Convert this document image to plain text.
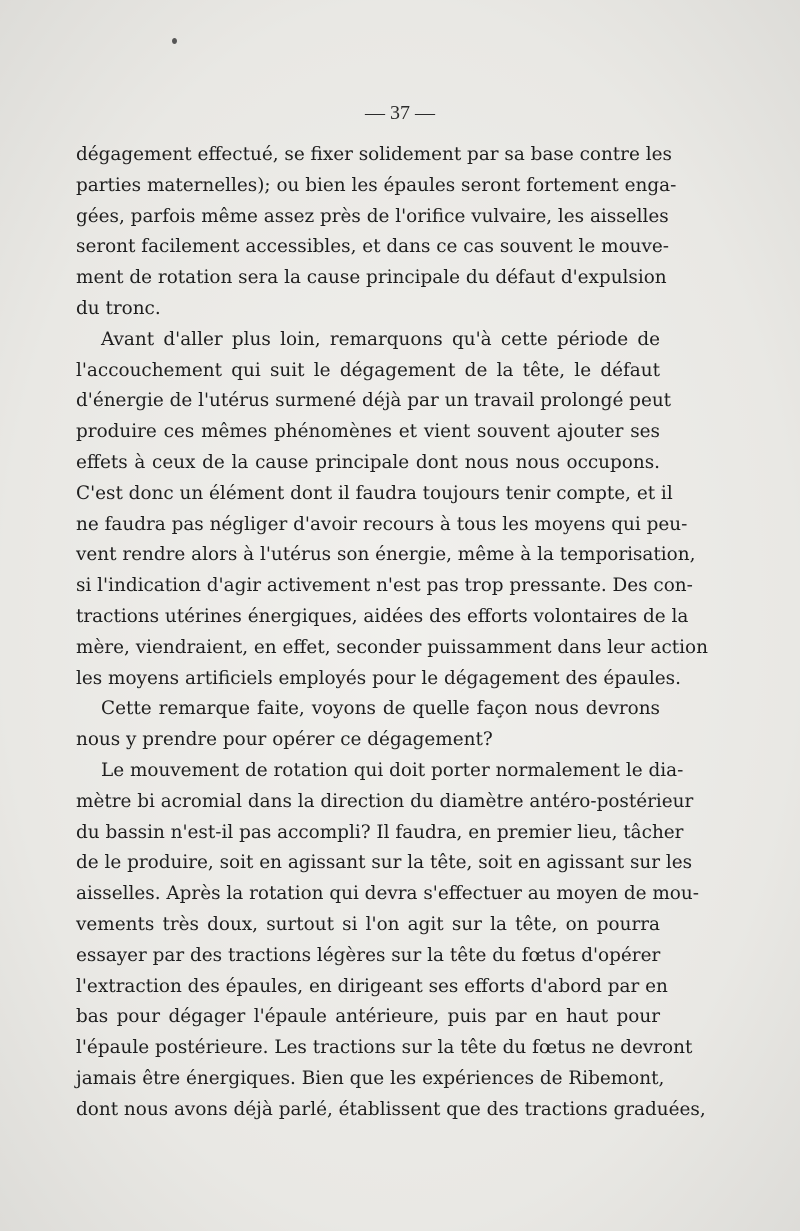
— 37 —
dégagement effectué, se fixer solidement par sa base contre les
parties maternelles); ou bien les épaules seront fortement enga-
gées, parfois même assez près de l'orifice vulvaire, les aisselles
seront facilement accessibles, et dans ce cas souvent le mouve-
ment de rotation sera la cause principale du défaut d'expulsion
du tronc.
Avant d'aller plus loin, remarquons qu'à cette période de
l'accouchement qui suit le dégagement de la tête, le défaut
d'énergie de l'utérus surmené déjà par un travail prolongé peut
produire ces mêmes phénomènes et vient souvent ajouter ses
effets à ceux de la cause principale dont nous nous occupons.
C'est donc un élément dont il faudra toujours tenir compte, et il
ne faudra pas négliger d'avoir recours à tous les moyens qui peu-
vent rendre alors à l'utérus son énergie, même à la temporisation,
si l'indication d'agir activement n'est pas trop pressante. Des con-
tractions utérines énergiques, aidées des efforts volontaires de la
mère, viendraient, en effet, seconder puissamment dans leur action
les moyens artificiels employés pour le dégagement des épaules.
Cette remarque faite, voyons de quelle façon nous devrons
nous y prendre pour opérer ce dégagement?
Le mouvement de rotation qui doit porter normalement le dia-
mètre bi acromial dans la direction du diamètre antéro-postérieur
du bassin n'est-il pas accompli? Il faudra, en premier lieu, tâcher
de le produire, soit en agissant sur la tête, soit en agissant sur les
aisselles. Après la rotation qui devra s'effectuer au moyen de mou-
vements très doux, surtout si l'on agit sur la tête, on pourra
essayer par des tractions légères sur la tête du fœtus d'opérer
l'extraction des épaules, en dirigeant ses efforts d'abord par en
bas pour dégager l'épaule antérieure, puis par en haut pour
l'épaule postérieure. Les tractions sur la tête du fœtus ne devront
jamais être énergiques. Bien que les expériences de Ribemont,
dont nous avons déjà parlé, établissent que des tractions graduées,
